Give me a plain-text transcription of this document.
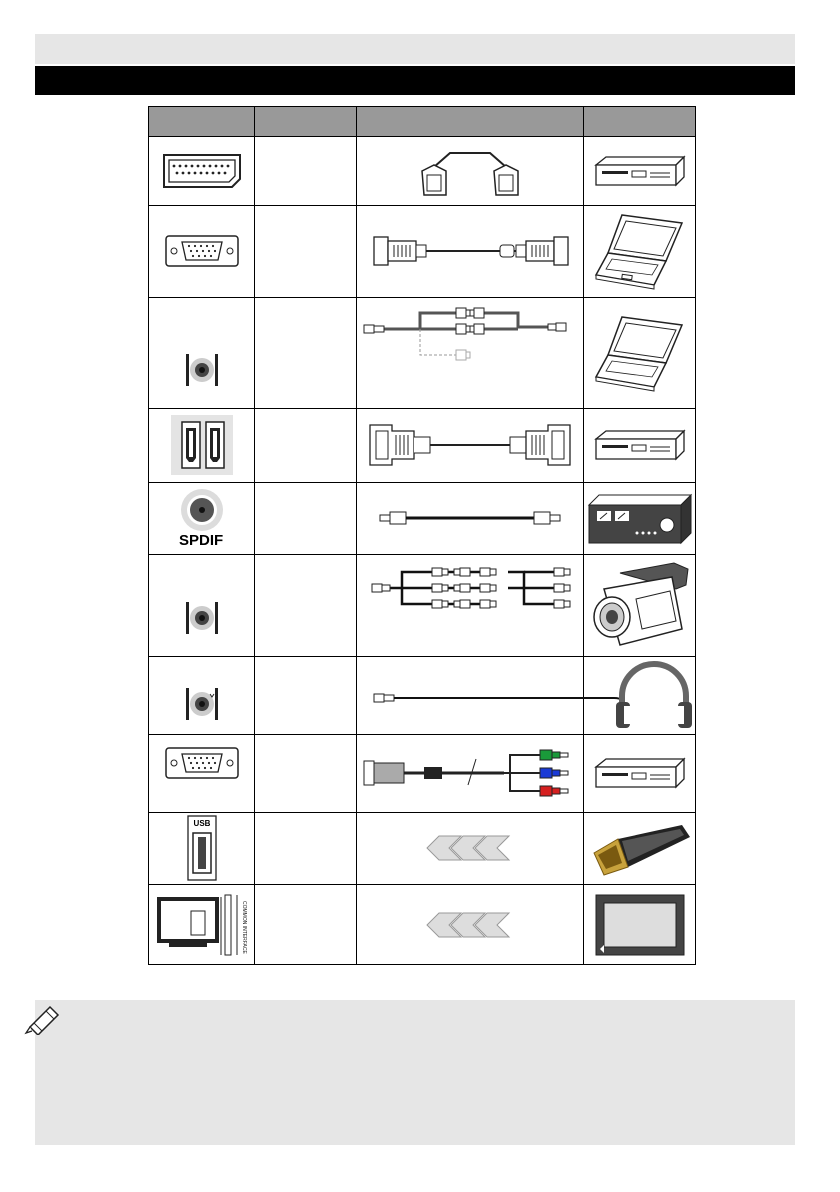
SPDIF
USB
COMMON INTERFACE
